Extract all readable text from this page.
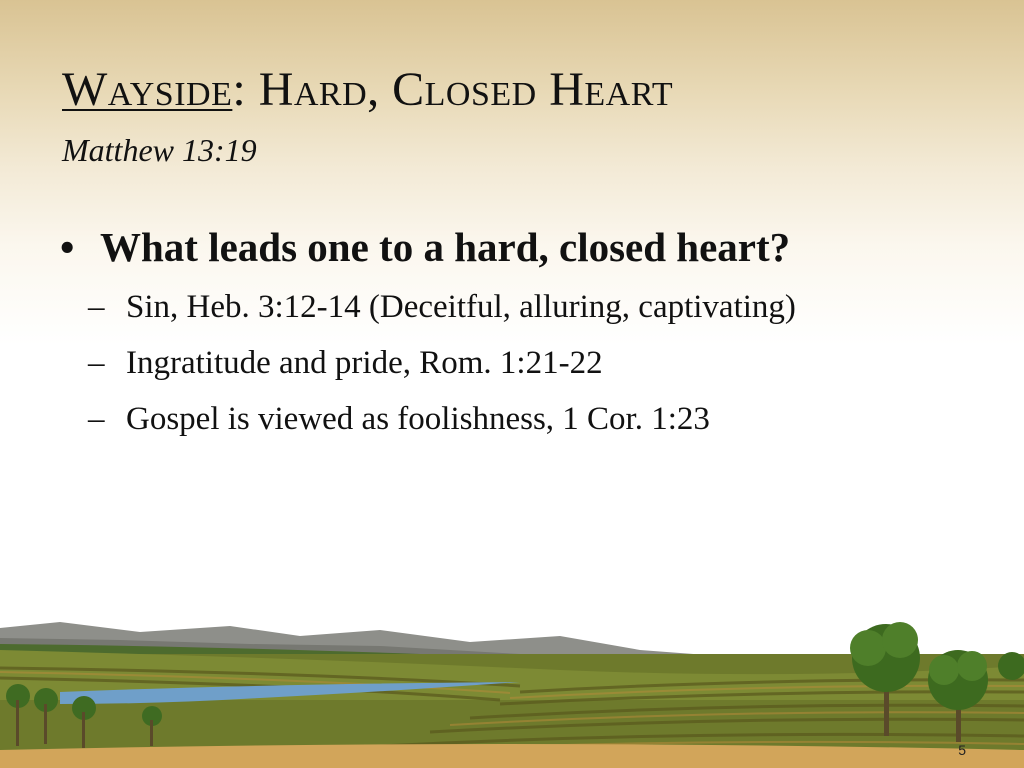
Wayside: Hard, Closed Heart
Matthew 13:19
• What leads one to a hard, closed heart?
– Sin, Heb. 3:12-14 (Deceitful, alluring, captivating)
– Ingratitude and pride, Rom. 1:21-22
– Gospel is viewed as foolishness, 1 Cor. 1:23
5
